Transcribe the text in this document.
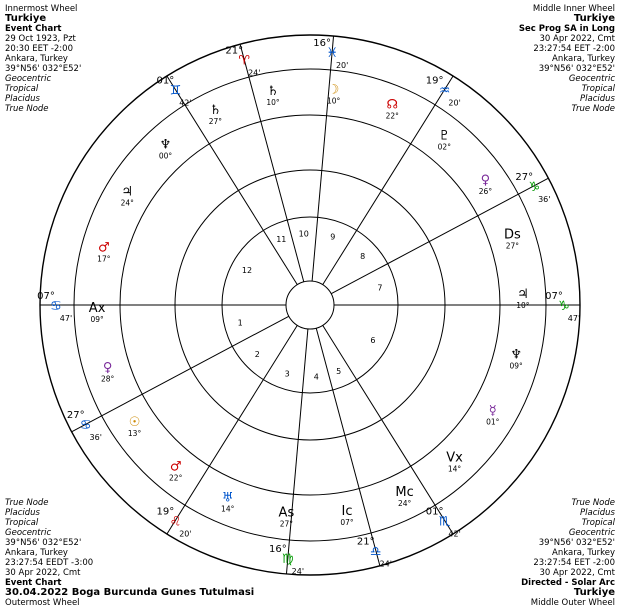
Innermost Wheel
Turkiye
Event Chart
29 Oct 1923, Pzt
20:30 EET -2:00
Ankara, Turkey
39°N56' 032°E52'
Geocentric
Tropical
Placidus
True Node
Middle Inner Wheel
Turkiye
Sec Prog SA in Long
30 Apr 2022, Cmt
23:27:54 EET -2:00
Ankara, Turkey
39°N56' 032°E52'
Geocentric
Tropical
Placidus
True Node
True Node
Placidus
Tropical
Geocentric
39°N56' 032°E52'
Ankara, Turkey
23:27:54 EEDT -3:00
30 Apr 2022, Cmt
Event Chart
30.04.2022 Boga Burcunda Gunes Tutulmasi
Outermost Wheel
True Node
Placidus
Tropical
Geocentric
39°N56' 032°E52'
Ankara, Turkey
23:27:54 EET -2:00
30 Apr 2022, Cmt
Directed - Solar Arc
Turkiye
Middle Outer Wheel
1
2
3	4
5
6
7
8
9
10
11
12
07°
♋
47'
27°
♋
36'
19°
♌
20'
16°
♍
24'
21°
♎
24'
01°
♏
42'
07°
♑
47'
27°
♑
36'
19°
♒
20'
16°
♓
20'
21°
♈
24'
01°
♊
42'
♄
10°
☽
10°	☊
22°
♇
02°
♀
26°
Ds
27°
♃
10°
♆
09°
☿
01°
Vx
14°
Mc
24°
Ic
07°
As
27°
♅
14°
♂
22°
☉
13°
♀
28°
Ax
09°
♂
17°
♃
24°
♆
00°
♄
27°
